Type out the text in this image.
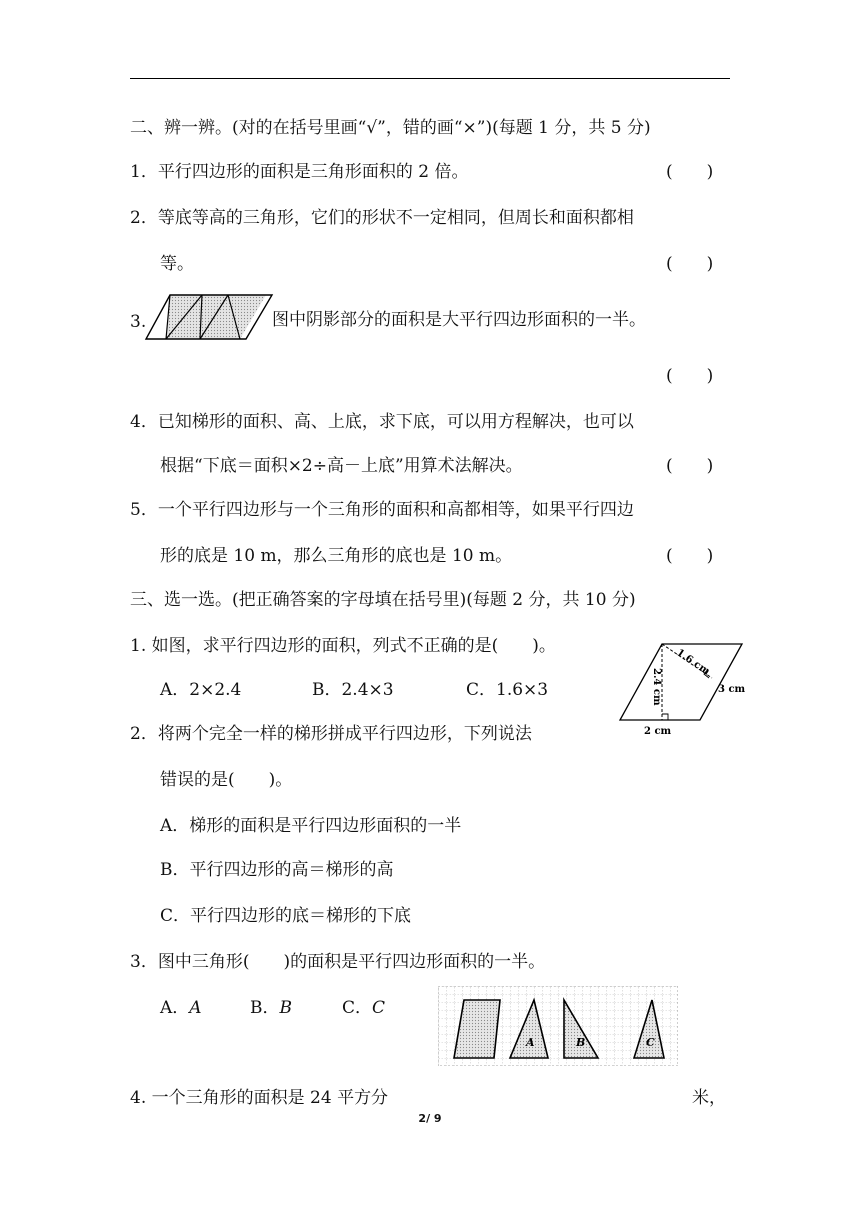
二、辨一辨。(对的在括号里画“√”，错的画“×”)(每题 1 分，共 5 分)
1．平行四边形的面积是三角形面积的 2 倍。	(　　)
2．等底等高的三角形，它们的形状不一定相同，但周长和面积都相
等。	(　　)
3.	图中阴影部分的面积是大平行四边形面积的一半。
(　　)
4．已知梯形的面积、高、上底，求下底，可以用方程解决，也可以
根据“下底＝面积×2÷高－上底”用算术法解决。	(　　)
5．一个平行四边形与一个三角形的面积和高都相等，如果平行四边
形的底是 10 m，那么三角形的底也是 10 m。	(　　)
三、选一选。(把正确答案的字母填在括号里)(每题 2 分，共 10 分)
1. 如图，求平行四边形的面积，列式不正确的是(　　)。
A．2×2.4	B．2.4×3	C．1.6×3
1.6 cm
2.4 cm	3 cm
2 cm
2．将两个完全一样的梯形拼成平行四边形，下列说法
错误的是(　　)。
A．梯形的面积是平行四边形面积的一半
B．平行四边形的高＝梯形的高
C．平行四边形的底＝梯形的下底
3．图中三角形(　　)的面积是平行四边形面积的一半。
A．A	B．B	C．C
A	B	C
4. 一个三角形的面积是 24 平方分	米，
2/ 9
